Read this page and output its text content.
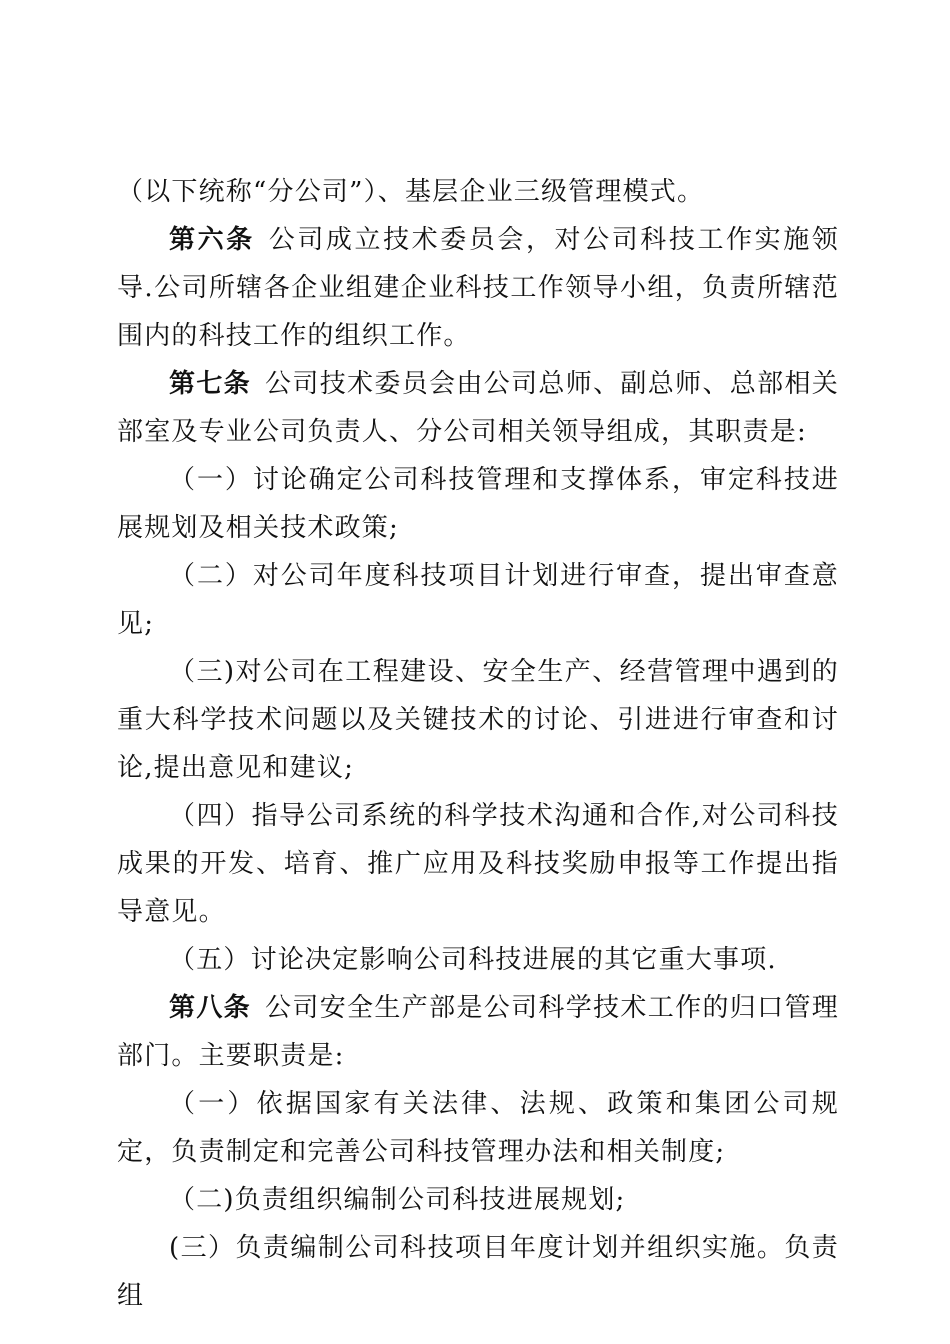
（以下统称“分公司”）、基层企业三级管理模式。

第六条 公司成立技术委员会，对公司科技工作实施领导.公司所辖各企业组建企业科技工作领导小组，负责所辖范围内的科技工作的组织工作。

第七条 公司技术委员会由公司总师、副总师、总部相关部室及专业公司负责人、分公司相关领导组成，其职责是:

（一）讨论确定公司科技管理和支撑体系，审定科技进展规划及相关技术政策;

（二）对公司年度科技项目计划进行审查，提出审查意见;

（三)对公司在工程建设、安全生产、经营管理中遇到的重大科学技术问题以及关键技术的讨论、引进进行审查和讨论,提出意见和建议;

（四）指导公司系统的科学技术沟通和合作,对公司科技成果的开发、培育、推广应用及科技奖励申报等工作提出指导意见。

（五）讨论决定影响公司科技进展的其它重大事项.

第八条 公司安全生产部是公司科学技术工作的归口管理部门。主要职责是:

（一）依据国家有关法律、法规、政策和集团公司规定，负责制定和完善公司科技管理办法和相关制度;

（二)负责组织编制公司科技进展规划;

(三）负责编制公司科技项目年度计划并组织实施。负责组
